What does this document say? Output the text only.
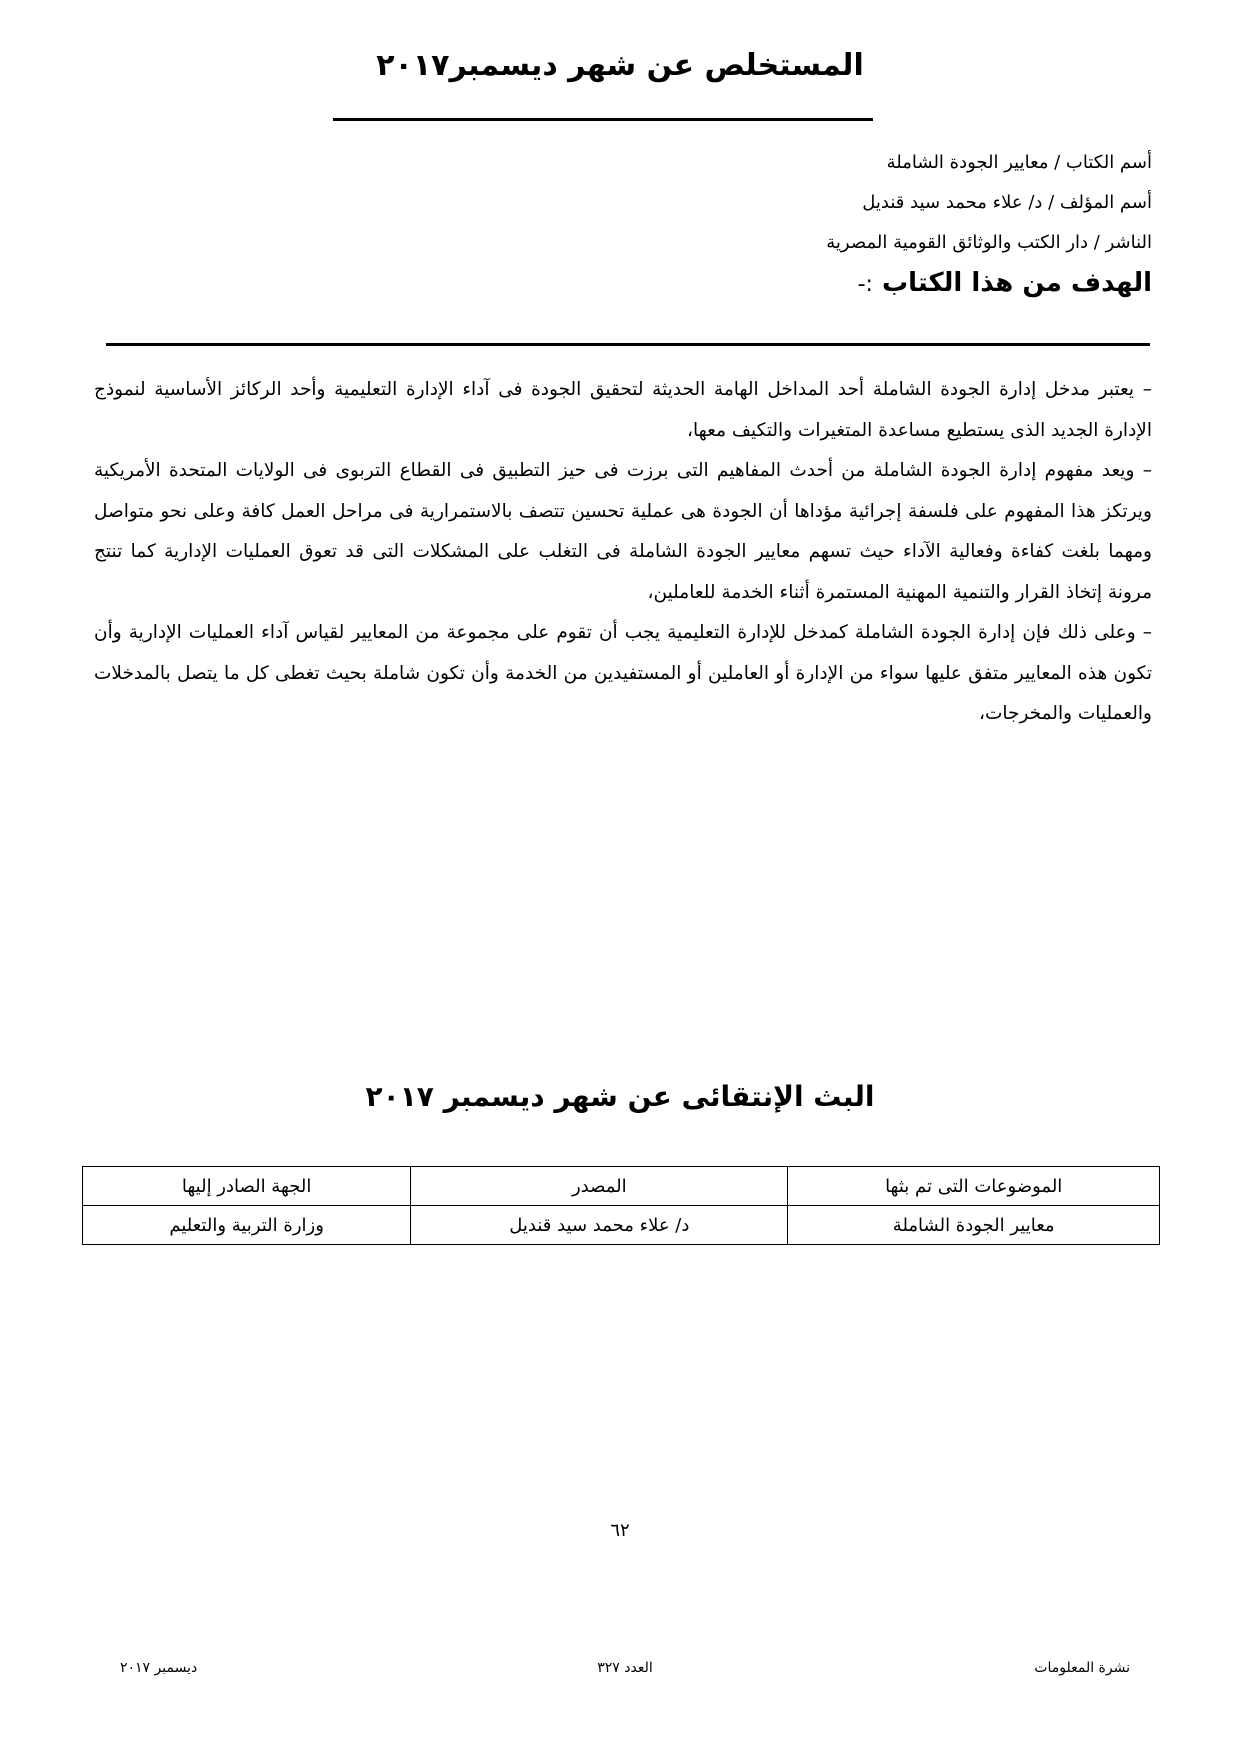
المستخلص عن شهر ديسمبر٢٠١٧
أسم الكتاب / معايير الجودة الشاملة
أسم المؤلف / د/ علاء محمد سيد قنديل
الناشر / دار الكتب والوثائق القومية المصرية
الهدف من هذا الكتاب :-

– يعتبر مدخل إدارة الجودة الشاملة أحد المداخل الهامة الحديثة لتحقيق الجودة فى آداء الإدارة التعليمية وأحد الركائز الأساسية لنموذج الإدارة الجديد الذى يستطيع مساعدة المتغيرات والتكيف معها،

– ويعد مفهوم إدارة الجودة الشاملة من أحدث المفاهيم التى برزت فى حيز التطبيق فى القطاع التربوى فى الولايات المتحدة الأمريكية ويرتكز هذا المفهوم على فلسفة إجرائية مؤداها أن الجودة هى عملية تحسين تتصف بالاستمرارية فى مراحل العمل كافة وعلى نحو متواصل ومهما بلغت كفاءة وفعالية الآداء حيث تسهم معايير الجودة الشاملة فى التغلب على المشكلات التى قد تعوق العمليات الإدارية كما تنتج مرونة إتخاذ القرار والتنمية المهنية المستمرة أثناء الخدمة للعاملين،

– وعلى ذلك فإن إدارة الجودة الشاملة كمدخل للإدارة التعليمية يجب أن تقوم على مجموعة من المعايير لقياس آداء العمليات الإدارية وأن تكون هذه المعايير متفق عليها سواء من الإدارة أو العاملين أو المستفيدين من الخدمة وأن تكون شاملة بحيث تغطى كل ما يتصل بالمدخلات والعمليات والمخرجات،

البث الإنتقائى عن شهر ديسمبر ٢٠١٧
الموضوعات التى تم بثها	المصدر	الجهة الصادر إليها
معايير الجودة الشاملة	د/ علاء محمد سيد قنديل	وزارة التربية والتعليم
٦٢
نشرة المعلومات
العدد ٣٢٧
ديسمبر ٢٠١٧
